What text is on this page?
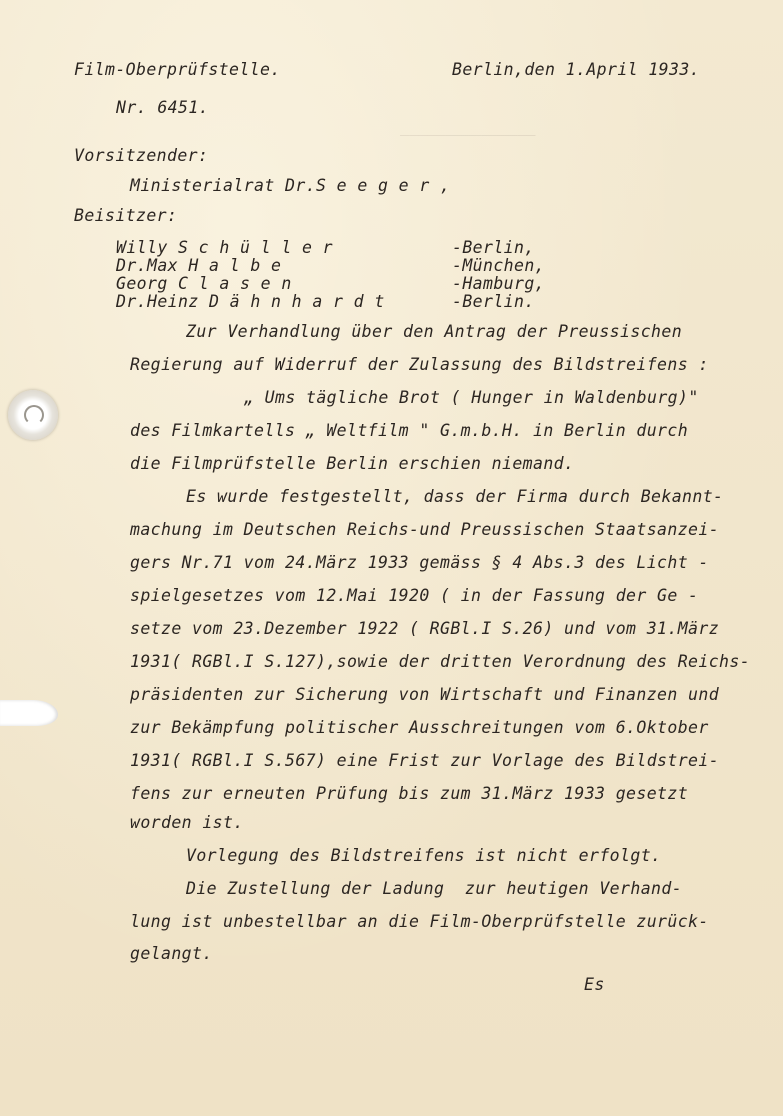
_______________
Film-Oberprüfstelle.	Berlin,den 1.April 1933.
Nr. 6451.
Vorsitzender:
Ministerialrat Dr.S e e g e r ,
Beisitzer:
Willy S c h ü l l e r	-Berlin,
Dr.Max H a l b e	-München,
Georg C l a s e n	-Hamburg,
Dr.Heinz D ä h n h a r d t	-Berlin.
Zur Verhandlung über den Antrag der Preussischen
Regierung auf Widerruf der Zulassung des Bildstreifens :
„ Ums tägliche Brot ( Hunger in Waldenburg)"
des Filmkartells „ Weltfilm " G.m.b.H. in Berlin durch
die Filmprüfstelle Berlin erschien niemand.
Es wurde festgestellt, dass der Firma durch Bekannt-
machung im Deutschen Reichs-und Preussischen Staatsanzei-
gers Nr.71 vom 24.März 1933 gemäss § 4 Abs.3 des Licht -
spielgesetzes vom 12.Mai 1920 ( in der Fassung der Ge -
setze vom 23.Dezember 1922 ( RGBl.I S.26) und vom 31.März
1931( RGBl.I S.127),sowie der dritten Verordnung des Reichs-
präsidenten zur Sicherung von Wirtschaft und Finanzen und
zur Bekämpfung politischer Ausschreitungen vom 6.Oktober
1931( RGBl.I S.567) eine Frist zur Vorlage des Bildstrei-
fens zur erneuten Prüfung bis zum 31.März 1933 gesetzt
worden ist.
Vorlegung des Bildstreifens ist nicht erfolgt.
Die Zustellung der Ladung  zur heutigen Verhand-
lung ist unbestellbar an die Film-Oberprüfstelle zurück-
gelangt.
Es
